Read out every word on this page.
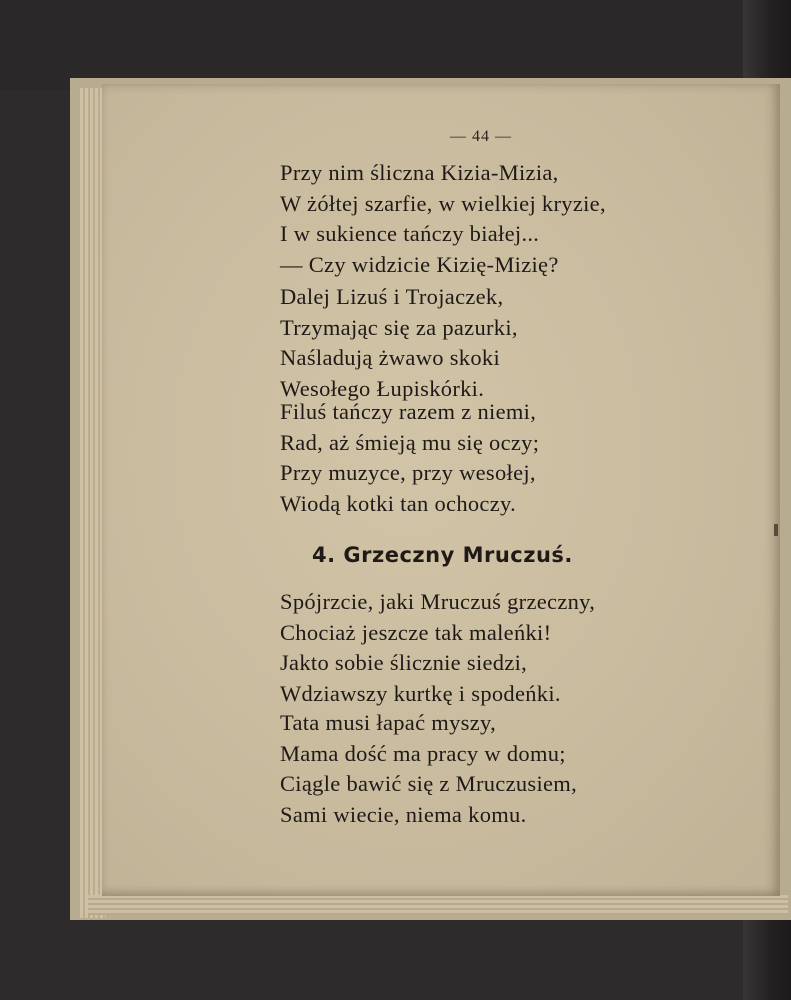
— 44 —
Przy nim śliczna Kizia-Mizia,
W żółtej szarfie, w wielkiej kryzie,
I w sukience tańczy białej...
— Czy widzicie Kizię-Mizię?
Dalej Lizuś i Trojaczek,
Trzymając się za pazurki,
Naśladują żwawo skoki
Wesołego Łupiskórki.
Filuś tańczy razem z niemi,
Rad, aż śmieją mu się oczy;
Przy muzyce, przy wesołej,
Wiodą kotki tan ochoczy.
4. Grzeczny Mruczuś.
Spójrzcie, jaki Mruczuś grzeczny,
Chociaż jeszcze tak maleńki!
Jakto sobie ślicznie siedzi,
Wdziawszy kurtkę i spodeńki.
Tata musi łapać myszy,
Mama dość ma pracy w domu;
Ciągle bawić się z Mruczusiem,
Sami wiecie, niema komu.
